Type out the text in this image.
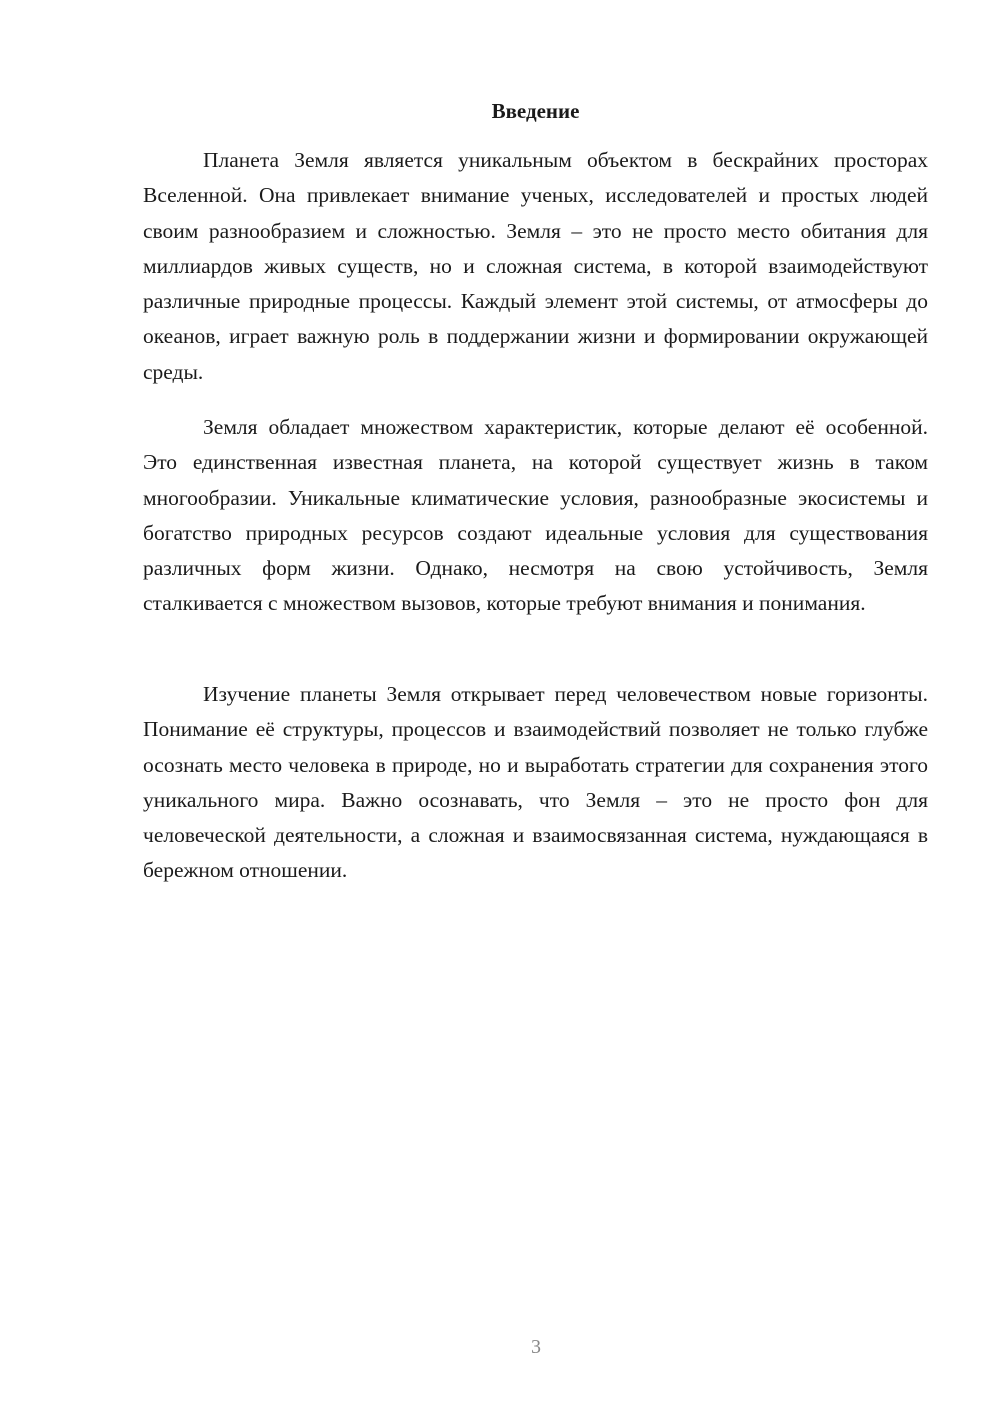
Введение

Планета Земля является уникальным объектом в бескрайних просторах Вселенной. Она привлекает внимание ученых, исследователей и простых людей своим разнообразием и сложностью. Земля – это не просто место обитания для миллиардов живых существ, но и сложная система, в которой взаимодействуют различные природные процессы. Каждый элемент этой системы, от атмосферы до океанов, играет важную роль в поддержании жизни и формировании окружающей среды.

Земля обладает множеством характеристик, которые делают её особенной. Это единственная известная планета, на которой существует жизнь в таком многообразии. Уникальные климатические условия, разнообразные экосистемы и богатство природных ресурсов создают идеальные условия для существования различных форм жизни. Однако, несмотря на свою устойчивость, Земля сталкивается с множеством вызовов, которые требуют внимания и понимания.

Изучение планеты Земля открывает перед человечеством новые горизонты. Понимание её структуры, процессов и взаимодействий позволяет не только глубже осознать место человека в природе, но и выработать стратегии для сохранения этого уникального мира. Важно осознавать, что Земля – это не просто фон для человеческой деятельности, а сложная и взаимосвязанная система, нуждающаяся в бережном отношении.

3
